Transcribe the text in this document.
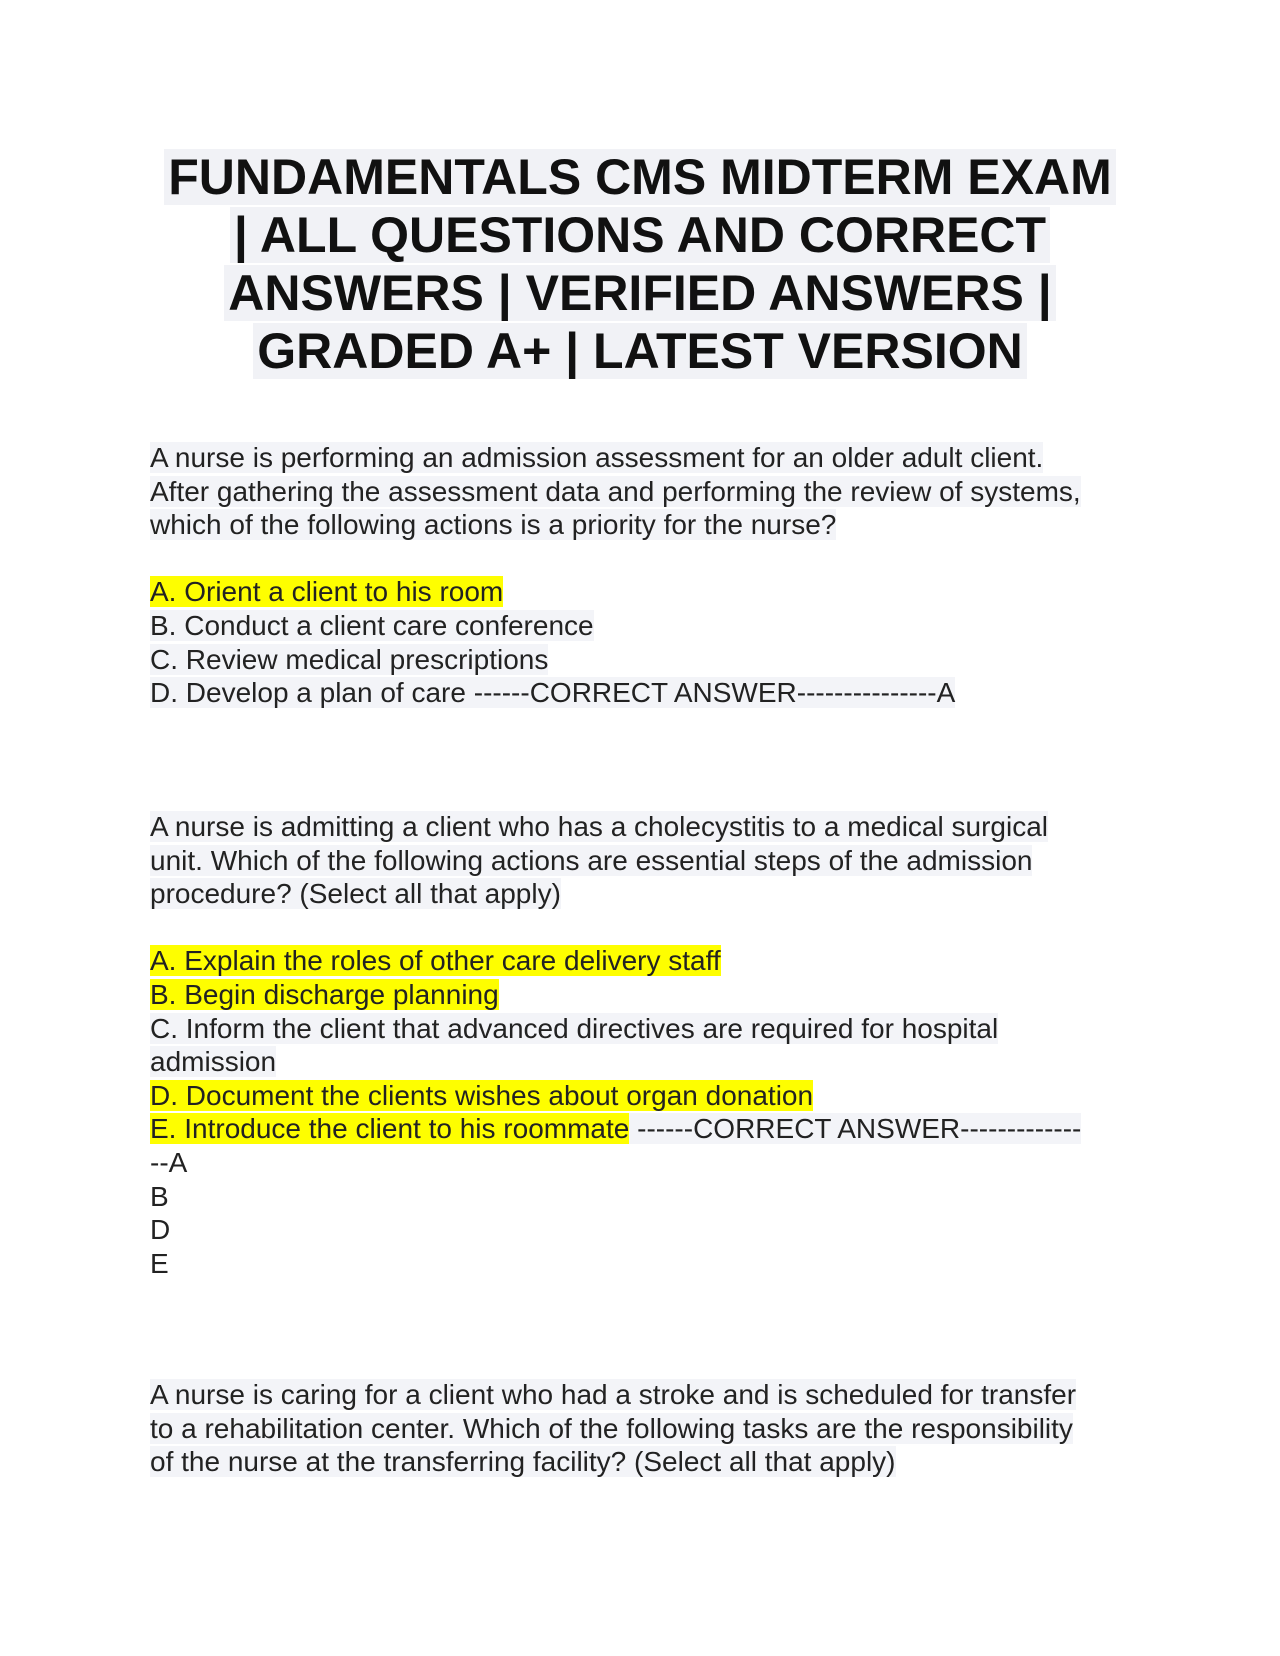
FUNDAMENTALS CMS MIDTERM EXAM
| ALL QUESTIONS AND CORRECT
ANSWERS | VERIFIED ANSWERS |
GRADED A+ | LATEST VERSION
A nurse is performing an admission assessment for an older adult client.
After gathering the assessment data and performing the review of systems,
which of the following actions is a priority for the nurse?

A. Orient a client to his room
B. Conduct a client care conference
C. Review medical prescriptions
D. Develop a plan of care ------CORRECT ANSWER---------------A
A nurse is admitting a client who has a cholecystitis to a medical surgical
unit. Which of the following actions are essential steps of the admission
procedure? (Select all that apply)

A. Explain the roles of other care delivery staff
B. Begin discharge planning
C. Inform the client that advanced directives are required for hospital
admission
D. Document the clients wishes about organ donation
E. Introduce the client to his roommate ------CORRECT ANSWER-------------
--A
B
D
E
A nurse is caring for a client who had a stroke and is scheduled for transfer
to a rehabilitation center. Which of the following tasks are the responsibility
of the nurse at the transferring facility? (Select all that apply)
